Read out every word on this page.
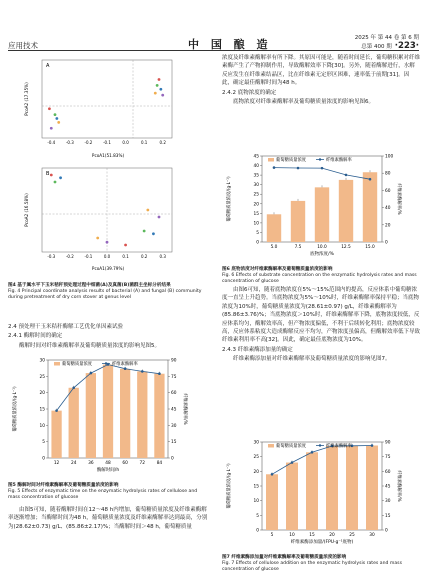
应用技术	中 国 酿 造	2025 年 第 44 卷 第 6 期
总第 400 期 ·223·
A
PcoA1(51.83%)
PcoA2 (17.35%)
-0.4	-0.3	-0.2	-0.1	0.0	0.1	0.2
B
PcoA1(39.79%)
PcoA2 (16.58%)
-0.3	-0.2	-0.1	0.0	0.1	0.2	0.3
图4 基于属水平下玉米秸秆预处理过程中细菌(A)及真菌(B)菌群主坐标分析结果
Fig. 4 Principal coordinate analysis results of bacterial (A) and fungal (B) community during pretreatment of dry corn stover at genus level
2.4 预处理干玉米秸秆酶解工艺优化单因素试验
2.4.1 酶解时间的确定

酶解时间对纤维素酶解率及葡萄糖质量浓度的影响见图5。

0
5
10
15
20
25
30
0
15
30
45
60
75
90
12	24	36	48	60	72	84
葡萄糖质量浓度	纤维素酶解率
葡萄糖质量浓度/(g·L⁻¹)	纤维素酶解率/%
酶解时间/h
图5 酶解时间对纤维素酶解率及葡萄糖质量浓度的影响
Fig. 5 Effects of enzymatic time on the enzymatic hydrolysis rates of cellulose and mass concentration of glucose

由图5可知，随着酶解时间在12～48 h内增加，葡萄糖质量浓度及纤维素酶解率逐渐增加；当酶解时间为48 h，葡萄糖质量浓度及纤维素酶解率达到最高，分别为(28.62±0.73) g/L、(85.86±2.17)%；当酶解时间＞48 h，葡萄糖质量

浓度及纤维素酶解率有所下降。其原因可能是，随着时间延长，葡萄糖积累对纤维素酶产生了产物抑制作用，导致酶解效率下降[30]。另外，随着酶解进行，水解反应发生在纤维素结晶区，比在纤维素无定形区困难，速率低于前期[31]。因此，确定最佳酶解时间为48 h。

2.4.2 底物浓度的确定

底物浓度对纤维素酶解率及葡萄糖质量浓度的影响见图6。

0
5
10
15
20
25
30
35
40
45
0
20
40
60
80
100
5.0	7.5	10.0	12.5	15.0
葡萄糖质量浓度	纤维素酶解率
葡萄糖质量浓度/(g·L⁻¹)	纤维素酶解率/%
底物浓度/%
图6 底物浓度对纤维素酶解率及葡萄糖质量浓度的影响
Fig. 6 Effects of substrate concentration on the enzymatic hydrolysis rates and mass concentration of glucose

由图6可知，随着底物浓度在5%～15%范围内的提高，反应体系中葡萄糖浓度一直呈上升趋势。当底物浓度为5%～10%时，纤维素酶解率保持平稳；当底物浓度为10%时，葡萄糖质量浓度为(28.61±0.97) g/L，纤维素酶解率为(85.86±3.76)%；当底物浓度＞10%时，纤维素酶解率下降，底物浓度较低，反应体系均匀，酶解效率高，但产物浓度偏低，不利于后续转化利用；底物浓度较高，反应体系粘度大造成酶解反应不均匀，产物浓度虽偏高，但酶解效率低下导致纤维素利用率不高[32]。因此，确定最佳底物浓度为10%。

2.4.3 纤维素酶添加量的确定

纤维素酶添加量对纤维素酶解率及葡萄糖质量浓度的影响见图7。

0
5
10
15
20
25
30
0
15
30
45
60
75
90
5	10	15	20	25	30
葡萄糖质量浓度	纤维素酶解率
葡萄糖质量浓度/(g·L⁻¹)	纤维素酶解率/%
纤维素酶添加量/(FPU·g⁻¹底物)
图7 纤维素酶添加量对纤维素酶解率及葡萄糖质量浓度的影响
Fig. 7 Effects of cellulose addition on the enzymatic hydrolysis rates and mass concentration of glucose
